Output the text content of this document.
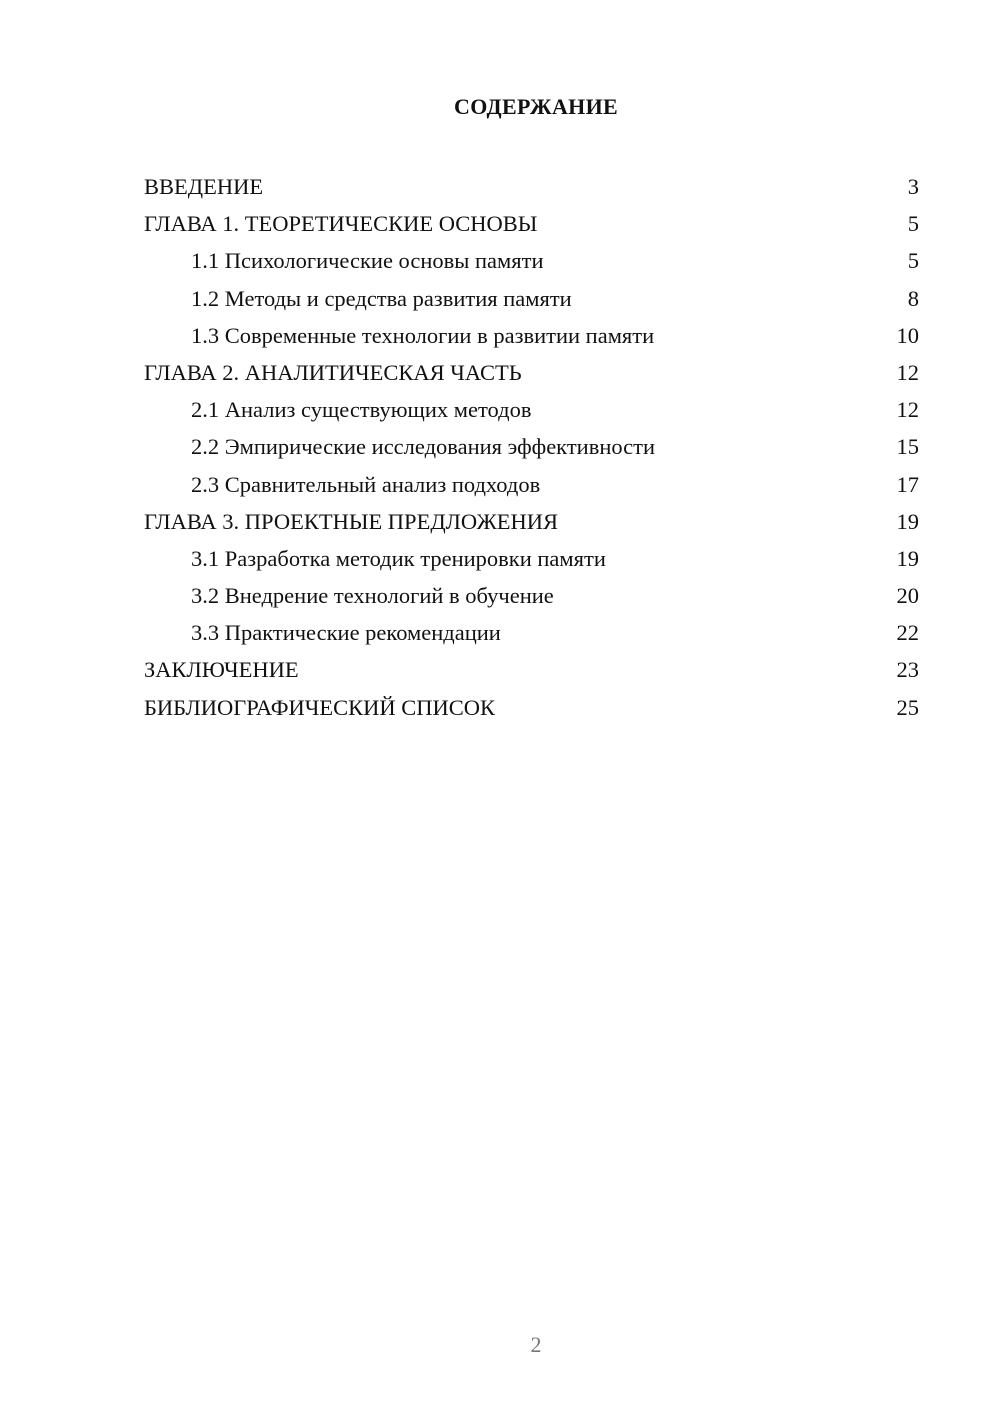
СОДЕРЖАНИЕ
ВВЕДЕНИЕ	3
ГЛАВА 1. ТЕОРЕТИЧЕСКИЕ ОСНОВЫ	5
1.1 Психологические основы памяти	5
1.2 Методы и средства развития памяти	8
1.3 Современные технологии в развитии памяти	10
ГЛАВА 2. АНАЛИТИЧЕСКАЯ ЧАСТЬ	12
2.1 Анализ существующих методов	12
2.2 Эмпирические исследования эффективности	15
2.3 Сравнительный анализ подходов	17
ГЛАВА 3. ПРОЕКТНЫЕ ПРЕДЛОЖЕНИЯ	19
3.1 Разработка методик тренировки памяти	19
3.2 Внедрение технологий в обучение	20
3.3 Практические рекомендации	22
ЗАКЛЮЧЕНИЕ	23
БИБЛИОГРАФИЧЕСКИЙ СПИСОК	25
2
